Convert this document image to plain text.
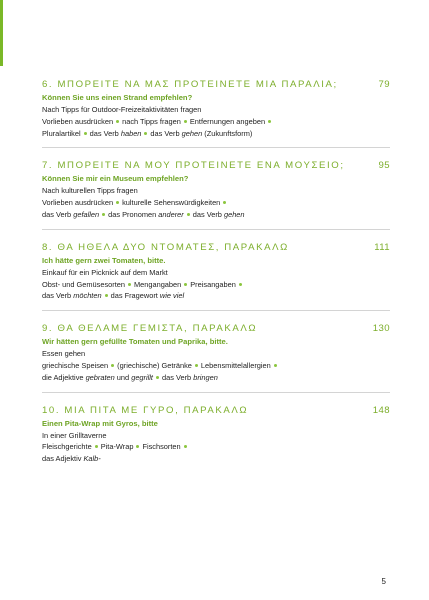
6. ΜΠΟΡΕΙΤΕ ΝΑ ΜΑΣ ΠΡΟΤΕΙΝΕΤΕ ΜΙΑ ΠΑΡΑΛΙΑ;	79
Können Sie uns einen Strand empfehlen?
Nach Tipps für Outdoor-Freizeitaktivitäten fragen
Vorlieben ausdrücken nach Tipps fragen Entfernungen angeben
Pluralartikel das Verb haben das Verb gehen (Zukunftsform)
7. ΜΠΟΡΕΙΤΕ ΝΑ ΜΟΥ ΠΡΟΤΕΙΝΕΤΕ ΕΝΑ ΜΟΥΣΕΙΟ;	95
Können Sie mir ein Museum empfehlen?
Nach kulturellen Tipps fragen
Vorlieben ausdrücken kulturelle Sehenswürdigkeiten
das Verb gefallen das Pronomen anderer das Verb gehen
8. ΘΑ ΗΘΕΛΑ ΔΥΟ ΝΤΟΜΑΤΕΣ, ΠΑΡΑΚΑΛΩ	111
Ich hätte gern zwei Tomaten, bitte.
Einkauf für ein Picknick auf dem Markt
Obst- und Gemüsesorten Mengangaben Preisangaben
das Verb möchten das Fragewort wie viel
9. ΘΑ ΘΕΛΑΜΕ ΓΕΜΙΣΤΑ, ΠΑΡΑΚΑΛΩ	130
Wir hätten gern gefüllte Tomaten und Paprika, bitte.
Essen gehen
griechische Speisen (griechische) Getränke Lebensmittelallergien
die Adjektive gebraten und gegrillt das Verb bringen
10. ΜΙΑ ΠΙΤΑ ΜΕ ΓΥΡΟ, ΠΑΡΑΚΑΛΩ	148
Einen Pita-Wrap mit Gyros, bitte
In einer Grilltaverne
Fleischgerichte Pita-Wrap Fischsorten
das Adjektiv Kalb-
5
